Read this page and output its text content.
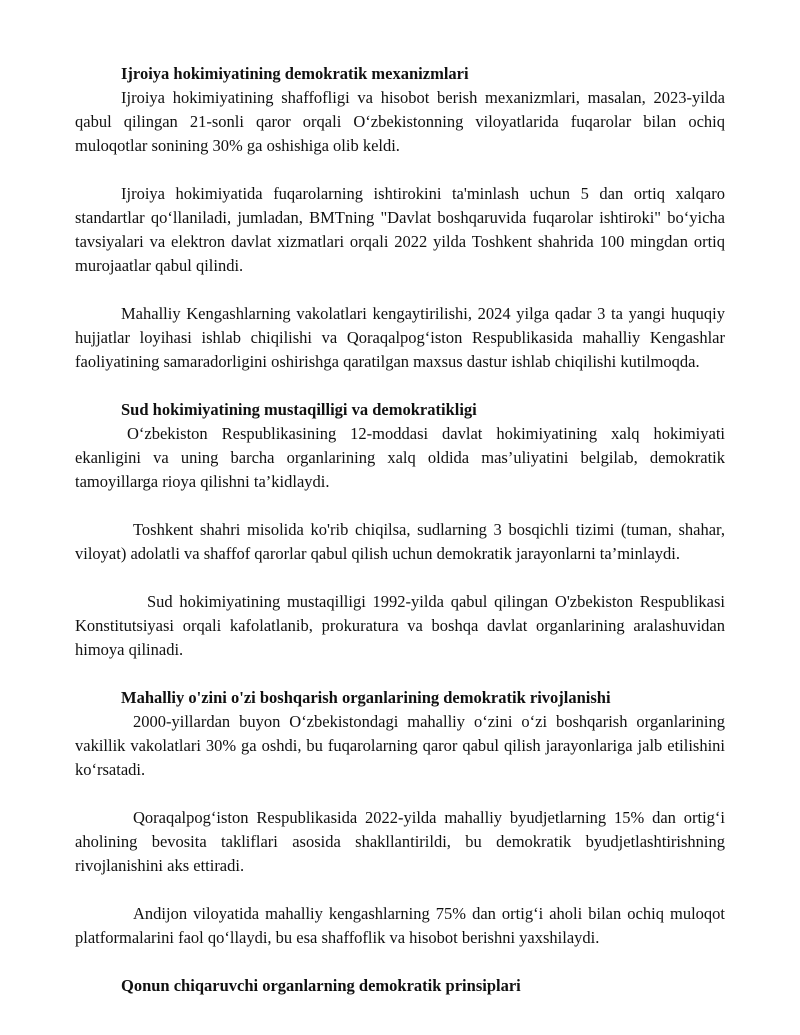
Ijroiya hokimiyatining demokratik mexanizmlari

Ijroiya hokimiyatining shaffofligi va hisobot berish mexanizmlari, masalan, 2023-yilda qabul qilingan 21-sonli qaror orqali O‘zbekistonning viloyatlarida fuqarolar bilan ochiq muloqotlar sonining 30% ga oshishiga olib keldi.

Ijroiya hokimiyatida fuqarolarning ishtirokini ta'minlash uchun 5 dan ortiq xalqaro standartlar qo‘llaniladi, jumladan, BMTning "Davlat boshqaruvida fuqarolar ishtiroki" bo‘yicha tavsiyalari va elektron davlat xizmatlari orqali 2022 yilda Toshkent shahrida 100 mingdan ortiq murojaatlar qabul qilindi.

Mahalliy Kengashlarning vakolatlari kengaytirilishi, 2024 yilga qadar 3 ta yangi huquqiy hujjatlar loyihasi ishlab chiqilishi va Qoraqalpog‘iston Respublikasida mahalliy Kengashlar faoliyatining samaradorligini oshirishga qaratilgan maxsus dastur ishlab chiqilishi kutilmoqda.

Sud hokimiyatining mustaqilligi va demokratikligi

O‘zbekiston Respublikasining 12-moddasi davlat hokimiyatining xalq hokimiyati ekanligini va uning barcha organlarining xalq oldida mas’uliyatini belgilab, demokratik tamoyillarga rioya qilishni ta’kidlaydi.

Toshkent shahri misolida ko'rib chiqilsa, sudlarning 3 bosqichli tizimi (tuman, shahar, viloyat) adolatli va shaffof qarorlar qabul qilish uchun demokratik jarayonlarni ta’minlaydi.

Sud hokimiyatining mustaqilligi 1992-yilda qabul qilingan O'zbekiston Respublikasi Konstitutsiyasi orqali kafolatlanib, prokuratura va boshqa davlat organlarining aralashuvidan himoya qilinadi.

Mahalliy o'zini o'zi boshqarish organlarining demokratik rivojlanishi

2000-yillardan buyon O‘zbekistondagi mahalliy o‘zini o‘zi boshqarish organlarining vakillik vakolatlari 30% ga oshdi, bu fuqarolarning qaror qabul qilish jarayonlariga jalb etilishini ko‘rsatadi.

Qoraqalpog‘iston Respublikasida 2022-yilda mahalliy byudjetlarning 15% dan ortig‘i aholining bevosita takliflari asosida shakllantirildi, bu demokratik byudjetlashtirishning rivojlanishini aks ettiradi.

Andijon viloyatida mahalliy kengashlarning 75% dan ortig‘i aholi bilan ochiq muloqot platformalarini faol qo‘llaydi, bu esa shaffoflik va hisobot berishni yaxshilaydi.

Qonun chiqaruvchi organlarning demokratik prinsiplari
